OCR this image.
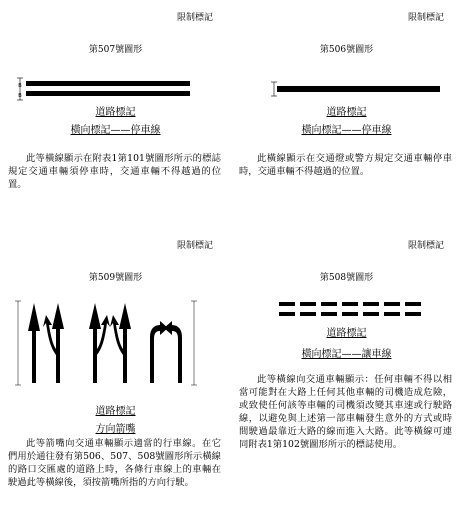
限制標記
第507號圖形
B
B
道路標記
橫向標記——停車線
此等橫線顯示在附表1第101號圖形所示的標誌規定交通車輛須停車時，交通車輛不得越過的位置。
限制標記
第506號圖形
道路標記
橫向標記——停車線
此橫線顯示在交通燈或警方規定交通車輛停車時，交通車輛不得越過的位置。
限制標記
第509號圖形
道路標記
方向箭嘴
此等箭嘴向交通車輛顯示適當的行車線。在它們用於通往發有第506、507、508號圖形所示橫線的路口交匯處的道路上時，各條行車線上的車輛在駛過此等橫線後，須按箭嘴所指的方向行駛。
限制標記
第508號圖形
道路標記
橫向標記——讓車線
此等橫線向交通車輛顯示：任何車輛不得以相當可能對在大路上任何其他車輛的司機造成危險，或致使任何該等車輛的司機須改變其車速或行駛路線，以避免與上述第一部車輛發生意外的方式或時間駛過最靠近大路的線而進入大路。此等橫線可連同附表1第102號圖形所示的標誌使用。
